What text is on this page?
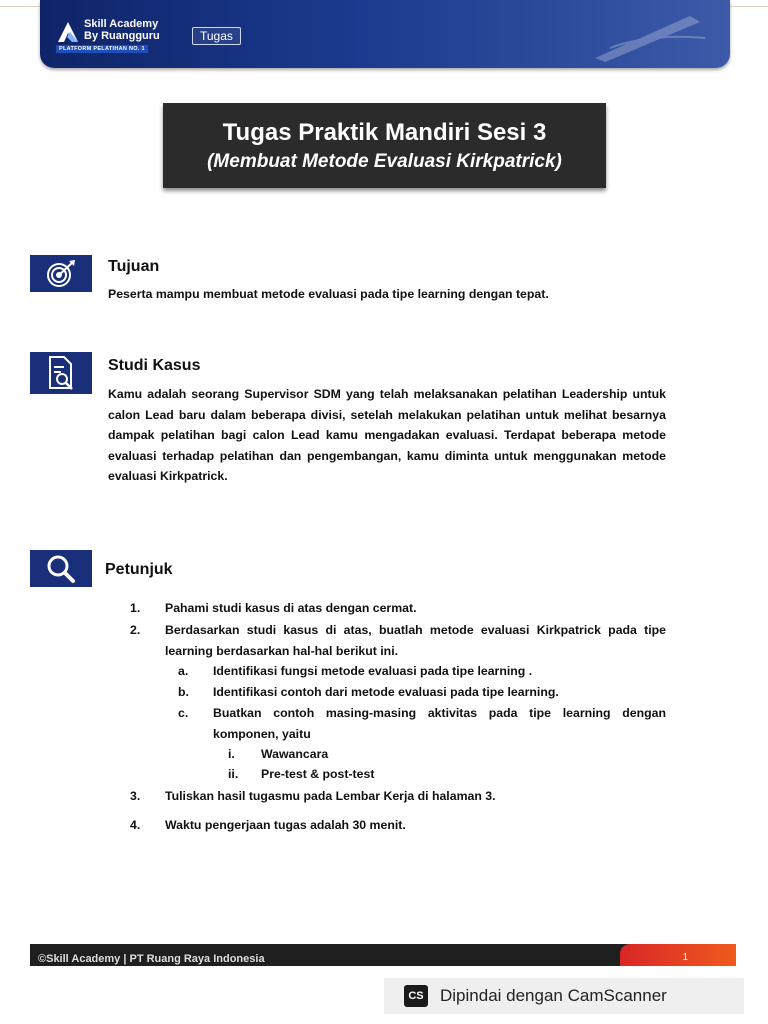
Skill Academy
By Ruangguru
PLATFORM PELATIHAN NO. 1
Tugas
Tugas Praktik Mandiri Sesi 3
(Membuat Metode Evaluasi Kirkpatrick)
Tujuan
Peserta mampu membuat metode evaluasi pada tipe learning dengan tepat.
Studi Kasus
Kamu adalah seorang Supervisor SDM yang telah melaksanakan pelatihan Leadership untuk calon Lead baru dalam beberapa divisi, setelah melakukan pelatihan untuk melihat besarnya dampak pelatihan bagi calon Lead kamu mengadakan evaluasi. Terdapat beberapa metode evaluasi terhadap pelatihan dan pengembangan, kamu diminta untuk menggunakan metode evaluasi Kirkpatrick.
Petunjuk
1. Pahami studi kasus di atas dengan cermat.
2. Berdasarkan studi kasus di atas, buatlah metode evaluasi Kirkpatrick pada tipe learning berdasarkan hal-hal berikut ini.
a. Identifikasi fungsi metode evaluasi pada tipe learning .
b. Identifikasi contoh dari metode evaluasi pada tipe learning.
c. Buatkan contoh masing-masing aktivitas pada tipe learning dengan komponen, yaitu
i. Wawancara
ii. Pre-test & post-test
3. Tuliskan hasil tugasmu pada Lembar Kerja di halaman 3.
4. Waktu pengerjaan tugas adalah 30 menit.
©Skill Academy | PT Ruang Raya Indonesia	1
CS Dipindai dengan CamScanner
